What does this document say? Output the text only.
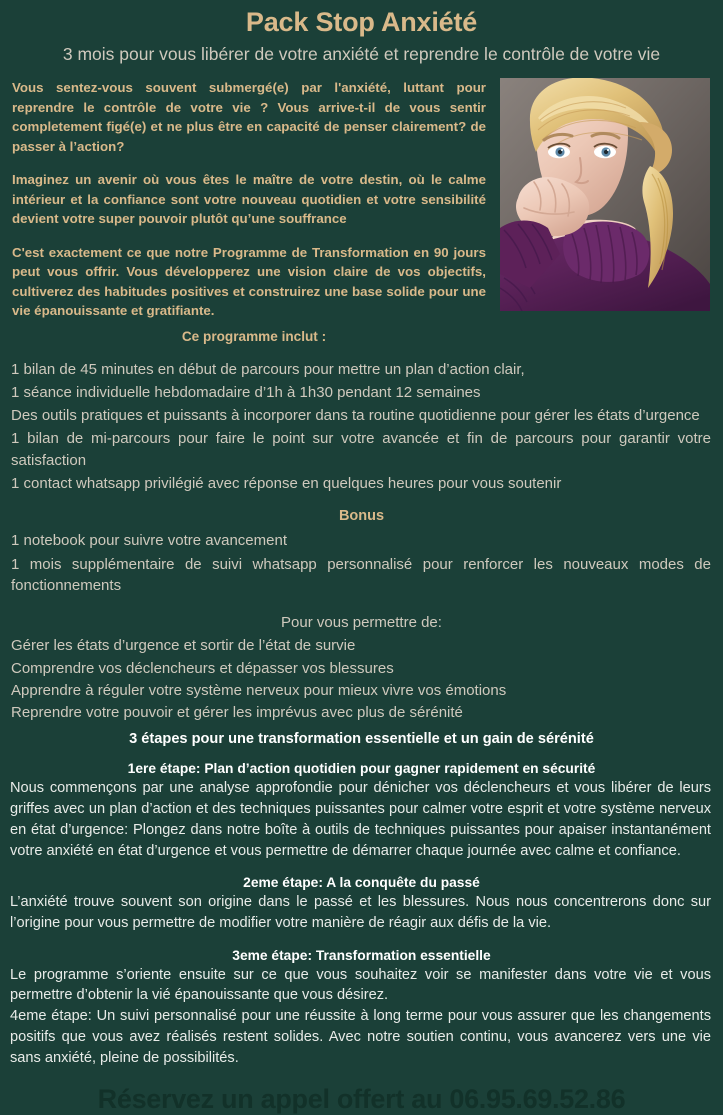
Pack Stop Anxiété
3 mois pour vous libérer de votre anxiété et reprendre le contrôle de votre vie

Vous sentez-vous souvent submergé(e) par l'anxiété, luttant pour reprendre le contrôle de votre vie ? Vous arrive-t-il de vous sentir completement figé(e) et ne plus être en capacité de penser clairement? de passer à l’action?

Imaginez un avenir où vous êtes le maître de votre destin, où le calme intérieur et la confiance sont votre nouveau quotidien et votre sensibilité devient votre super pouvoir plutôt qu’une souffrance

C'est exactement ce que notre Programme de Transformation en 90 jours peut vous offrir. Vous développerez une vision claire de vos objectifs, cultiverez des habitudes positives et construirez une base solide pour une vie épanouissante et gratifiante.

Ce programme inclut :

1 bilan de 45 minutes en début de parcours pour mettre un plan d’action clair,

1 séance individuelle hebdomadaire d’1h à 1h30 pendant 12 semaines

Des outils pratiques et puissants à incorporer dans ta routine quotidienne pour gérer les états d’urgence

1 bilan de mi-parcours pour faire le point sur votre avancée et fin de parcours pour garantir votre satisfaction

1 contact whatsapp privilégié avec réponse en quelques heures pour vous soutenir

Bonus

1 notebook pour suivre votre avancement

1 mois supplémentaire de suivi whatsapp personnalisé pour renforcer les nouveaux modes de fonctionnements

Pour vous permettre de:

Gérer les états d’urgence et sortir de l’état de survie

Comprendre vos déclencheurs et dépasser vos blessures

Apprendre à réguler votre système nerveux pour mieux vivre vos émotions

Reprendre votre pouvoir et gérer les imprévus avec plus de sérénité

3 étapes pour une transformation essentielle et un gain de sérénité
1ere étape: Plan d’action quotidien pour gagner rapidement en sécurité

Nous commençons par une analyse approfondie pour dénicher vos déclencheurs et vous libérer de leurs griffes avec un plan d’action et des techniques puissantes pour calmer votre esprit et votre système nerveux en état d’urgence: Plongez dans notre boîte à outils de techniques puissantes pour apaiser instantanément votre anxiété en état d’urgence et vous permettre de démarrer chaque journée avec calme et confiance.

2eme étape: A la conquête du passé

L’anxiété trouve souvent son origine dans le passé et les blessures. Nous nous concentrerons donc sur l’origine pour vous permettre de modifier votre manière de réagir aux défis de la vie.

3eme étape: Transformation essentielle

Le programme s’oriente ensuite sur ce que vous souhaitez voir se manifester dans votre vie et vous permettre d’obtenir la vié épanouissante que vous désirez.

4eme étape: Un suivi personnalisé pour une réussite à long terme pour vous assurer que les changements positifs que vous avez réalisés restent solides. Avec notre soutien continu, vous avancerez vers une vie sans anxiété, pleine de possibilités.

Réservez un appel offert au 06.95.69.52.86
